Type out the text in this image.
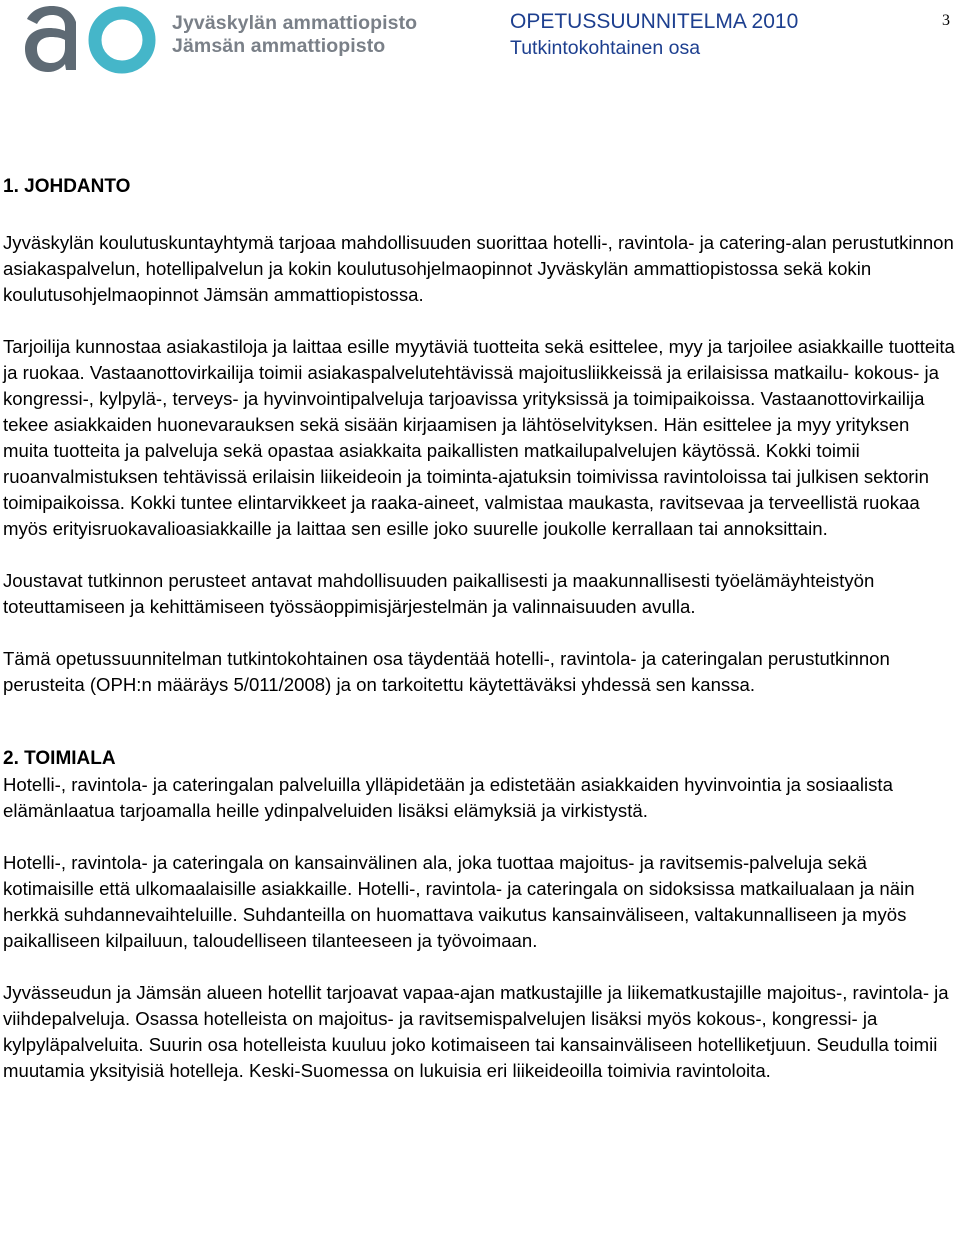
Jyväskylän ammattiopisto
Jämsän ammattiopisto
OPETUSSUUNNITELMA 2010
Tutkintokohtainen osa
3
1. JOHDANTO

Jyväskylän koulutuskuntayhtymä tarjoaa mahdollisuuden suorittaa hotelli-, ravintola- ja catering-alan perustutkinnon asiakaspalvelun, hotellipalvelun ja kokin koulutusohjelmaopinnot Jyväskylän ammattiopistossa sekä kokin koulutusohjelmaopinnot Jämsän ammattiopistossa.

Tarjoilija kunnostaa asiakastiloja ja laittaa esille myytäviä tuotteita sekä esittelee, myy ja tarjoilee asiakkaille tuotteita ja ruokaa. Vastaanottovirkailija toimii asiakaspalvelutehtävissä majoitusliikkeissä ja erilaisissa matkailu- kokous- ja kongressi-, kylpylä-, terveys- ja hyvinvointipalveluja tarjoavissa yrityksissä ja toimipaikoissa. Vastaanottovirkailija tekee asiakkaiden huonevarauksen sekä sisään kirjaamisen ja lähtöselvityksen. Hän esittelee ja myy yrityksen muita tuotteita ja palveluja sekä opastaa asiakkaita paikallisten matkailupalvelujen käytössä. Kokki toimii ruoanvalmistuksen tehtävissä erilaisin liikeideoin ja toiminta-ajatuksin toimivissa ravintoloissa tai julkisen sektorin toimipaikoissa. Kokki tuntee elintarvikkeet ja raaka-aineet, valmistaa maukasta, ravitsevaa ja terveellistä ruokaa myös erityisruokavalioasiakkaille ja laittaa sen esille joko suurelle joukolle kerrallaan tai annoksittain.

Joustavat tutkinnon perusteet antavat mahdollisuuden paikallisesti ja maakunnallisesti työelämäyhteistyön toteuttamiseen ja kehittämiseen työssäoppimisjärjestelmän ja valinnaisuuden avulla.

Tämä opetussuunnitelman tutkintokohtainen osa täydentää hotelli-, ravintola- ja cateringalan perustutkinnon perusteita (OPH:n määräys 5/011/2008) ja on tarkoitettu käytettäväksi yhdessä sen kanssa.

2. TOIMIALA

Hotelli-, ravintola- ja cateringalan palveluilla ylläpidetään ja edistetään asiakkaiden hyvinvointia ja sosiaalista elämänlaatua tarjoamalla heille ydinpalveluiden lisäksi elämyksiä ja virkistystä.

Hotelli-, ravintola- ja cateringala on kansainvälinen ala, joka tuottaa majoitus- ja ravitsemis-palveluja sekä kotimaisille että ulkomaalaisille asiakkaille. Hotelli-, ravintola- ja cateringala on sidoksissa matkailualaan ja näin herkkä suhdannevaihteluille. Suhdanteilla on huomattava vaikutus kansainväliseen, valtakunnalliseen ja myös paikalliseen kilpailuun, taloudelliseen tilanteeseen ja työvoimaan.

Jyvässeudun ja Jämsän alueen hotellit tarjoavat vapaa-ajan matkustajille ja liikematkustajille majoitus-, ravintola- ja viihdepalveluja. Osassa hotelleista on majoitus- ja ravitsemispalvelujen lisäksi myös kokous-, kongressi- ja kylpyläpalveluita. Suurin osa hotelleista kuuluu joko kotimaiseen tai kansainväliseen hotelliketjuun. Seudulla toimii muutamia yksityisiä hotelleja. Keski-Suomessa on lukuisia eri liikeideoilla toimivia ravintoloita.
